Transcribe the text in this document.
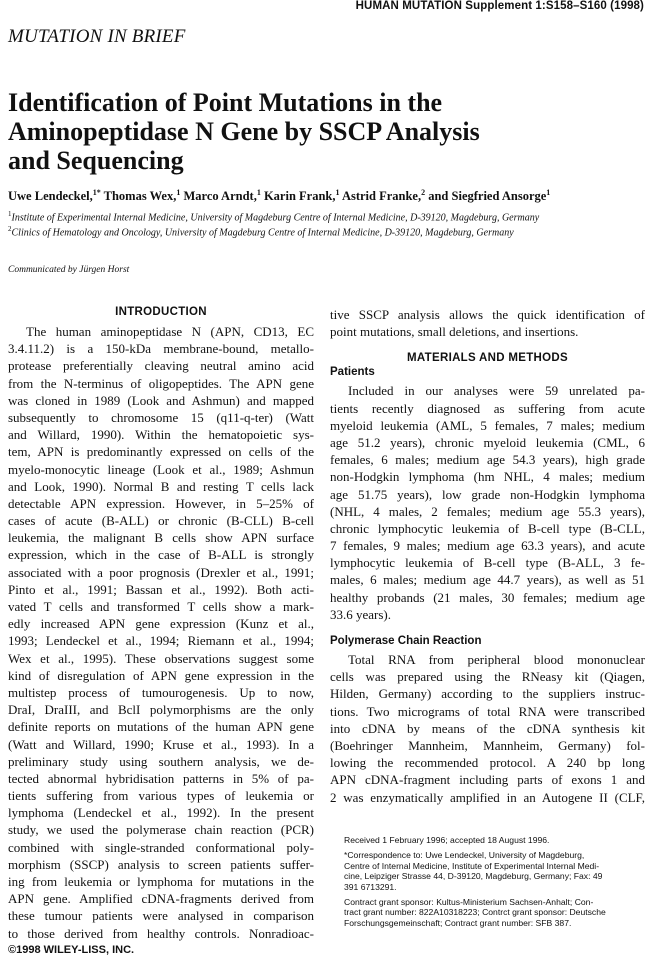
HUMAN MUTATION Supplement 1:S158–S160 (1998)
MUTATION IN BRIEF
Identification of Point Mutations in the
Aminopeptidase N Gene by SSCP Analysis
and Sequencing
Uwe Lendeckel,$^{1*}$ Thomas Wex,$^1$ Marco Arndt,$^1$ Karin Frank,$^1$ Astrid Franke,$^2$ and Siegfried Ansorge$^1$
$^1$Institute of Experimental Internal Medicine, University of Magdeburg Centre of Internal Medicine, D-39120, Magdeburg, Germany
$^2$Clinics of Hematology and Oncology, University of Magdeburg Centre of Internal Medicine, D-39120, Magdeburg, Germany
Communicated by Jürgen Horst
INTRODUCTION
The human aminopeptidase N (APN, CD13, EC
3.4.11.2) is a 150-kDa membrane-bound, metallo-
protease preferentially cleaving neutral amino acid
from the N-terminus of oligopeptides. The APN gene
was cloned in 1989 (Look and Ashmun) and mapped
subsequently to chromosome 15 (q11-q-ter) (Watt
and Willard, 1990). Within the hematopoietic sys-
tem, APN is predominantly expressed on cells of the
myelo-monocytic lineage (Look et al., 1989; Ashmun
and Look, 1990). Normal B and resting T cells lack
detectable APN expression. However, in 5–25% of
cases of acute (B-ALL) or chronic (B-CLL) B-cell
leukemia, the malignant B cells show APN surface
expression, which in the case of B-ALL is strongly
associated with a poor prognosis (Drexler et al., 1991;
Pinto et al., 1991; Bassan et al., 1992). Both acti-
vated T cells and transformed T cells show a mark-
edly increased APN gene expression (Kunz et al.,
1993; Lendeckel et al., 1994; Riemann et al., 1994;
Wex et al., 1995). These observations suggest some
kind of disregulation of APN gene expression in the
multistep process of tumourogenesis. Up to now,
DraI, DraIII, and BclI polymorphisms are the only
definite reports on mutations of the human APN gene
(Watt and Willard, 1990; Kruse et al., 1993). In a
preliminary study using southern analysis, we de-
tected abnormal hybridisation patterns in 5% of pa-
tients suffering from various types of leukemia or
lymphoma (Lendeckel et al., 1992). In the present
study, we used the polymerase chain reaction (PCR)
combined with single-stranded conformational poly-
morphism (SSCP) analysis to screen patients suffer-
ing from leukemia or lymphoma for mutations in the
APN gene. Amplified cDNA-fragments derived from
these tumour patients were analysed in comparison
to those derived from healthy controls. Nonradioac-
tive SSCP analysis allows the quick identification of
point mutations, small deletions, and insertions.
MATERIALS AND METHODS
Patients
Included in our analyses were 59 unrelated pa-
tients recently diagnosed as suffering from acute
myeloid leukemia (AML, 5 females, 7 males; medium
age 51.2 years), chronic myeloid leukemia (CML, 6
females, 6 males; medium age 54.3 years), high grade
non-Hodgkin lymphoma (hm NHL, 4 males; medium
age 51.75 years), low grade non-Hodgkin lymphoma
(NHL, 4 males, 2 females; medium age 55.3 years),
chronic lymphocytic leukemia of B-cell type (B-CLL,
7 females, 9 males; medium age 63.3 years), and acute
lymphocytic leukemia of B-cell type (B-ALL, 3 fe-
males, 6 males; medium age 44.7 years), as well as 51
healthy probands (21 males, 30 females; medium age
33.6 years).
Polymerase Chain Reaction
Total RNA from peripheral blood mononuclear
cells was prepared using the RNeasy kit (Qiagen,
Hilden, Germany) according to the suppliers instruc-
tions. Two micrograms of total RNA were transcribed
into cDNA by means of the cDNA synthesis kit
(Boehringer Mannheim, Mannheim, Germany) fol-
lowing the recommended protocol. A 240 bp long
APN cDNA-fragment including parts of exons 1 and
2 was enzymatically amplified in an Autogene II (CLF,

Received 1 February 1996; accepted 18 August 1996.

*Correspondence to: Uwe Lendeckel, University of Magdeburg,
Centre of Internal Medicine, Institute of Experimental Internal Medi-
cine, Leipziger Strasse 44, D-39120, Magdeburg, Germany; Fax: 49
391 6713291.

Contract grant sponsor: Kultus-Ministerium Sachsen-Anhalt; Con-
tract grant number: 822A10318223; Contrct grant sponsor: Deutsche
Forschungsgemeinschaft; Contract grant number: SFB 387.

©1998 WILEY-LISS, INC.
